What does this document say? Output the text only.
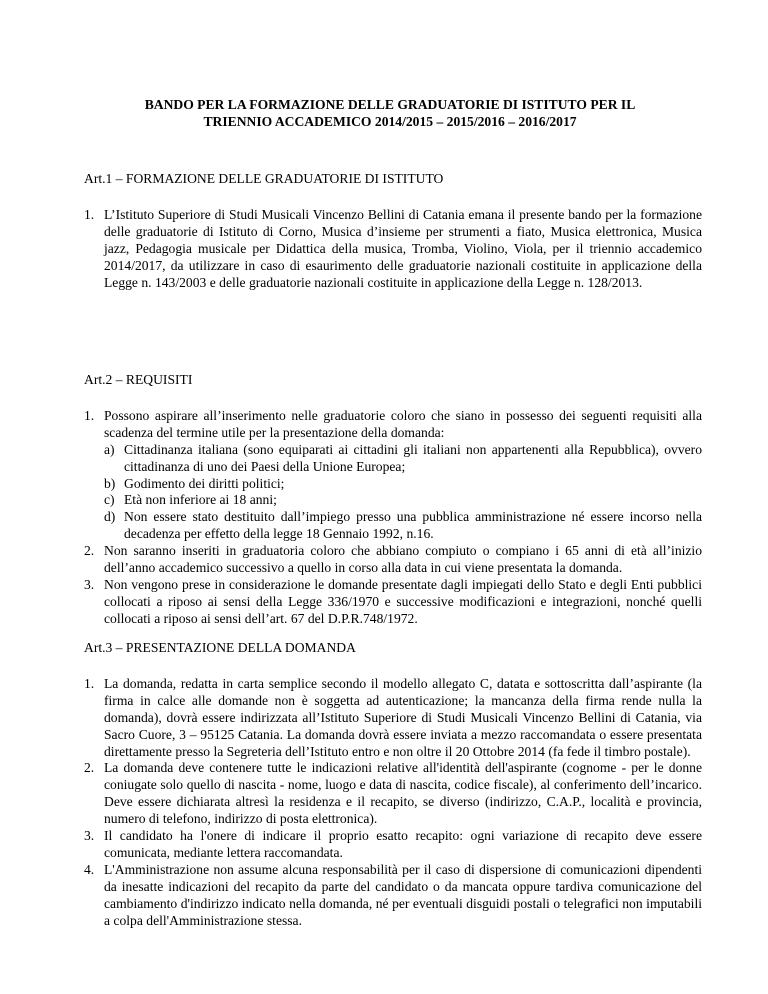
BANDO PER LA FORMAZIONE DELLE GRADUATORIE DI ISTITUTO PER IL
TRIENNIO ACCADEMICO 2014/2015 – 2015/2016 – 2016/2017

Art.1 – FORMAZIONE DELLE GRADUATORIE DI ISTITUTO

1. L’Istituto Superiore di Studi Musicali Vincenzo Bellini di Catania emana il presente bando per la formazione delle graduatorie di Istituto di Corno, Musica d’insieme per strumenti a fiato, Musica elettronica, Musica jazz, Pedagogia musicale per Didattica della musica, Tromba, Violino, Viola, per il triennio accademico 2014/2017, da utilizzare in caso di esaurimento delle graduatorie nazionali costituite in applicazione della Legge n. 143/2003 e delle graduatorie nazionali costituite in applicazione della Legge n. 128/2013.

Art.2 – REQUISITI

1. Possono aspirare all’inserimento nelle graduatorie coloro che siano in possesso dei seguenti requisiti alla scadenza del termine utile per la presentazione della domanda:
a) Cittadinanza italiana (sono equiparati ai cittadini gli italiani non appartenenti alla Repubblica), ovvero cittadinanza di uno dei Paesi della Unione Europea;
b) Godimento dei diritti politici;
c) Età non inferiore ai 18 anni;
d) Non essere stato destituito dall’impiego presso una pubblica amministrazione né essere incorso nella decadenza per effetto della legge 18 Gennaio 1992, n.16.
2. Non saranno inseriti in graduatoria coloro che abbiano compiuto o compiano i 65 anni di età all’inizio dell’anno accademico successivo a quello in corso alla data in cui viene presentata la domanda.
3. Non vengono prese in considerazione le domande presentate dagli impiegati dello Stato e degli Enti pubblici collocati a riposo ai sensi della Legge 336/1970 e successive modificazioni e integrazioni, nonché quelli collocati a riposo ai sensi dell’art. 67 del D.P.R.748/1972.

Art.3 – PRESENTAZIONE DELLA DOMANDA

1. La domanda, redatta in carta semplice secondo il modello allegato C, datata e sottoscritta dall’aspirante (la firma in calce alle domande non è soggetta ad autenticazione; la mancanza della firma rende nulla la domanda), dovrà essere indirizzata all’Istituto Superiore di Studi Musicali Vincenzo Bellini di Catania, via Sacro Cuore, 3 – 95125 Catania. La domanda dovrà essere inviata a mezzo raccomandata o essere presentata direttamente presso la Segreteria dell’Istituto entro e non oltre il 20 Ottobre 2014 (fa fede il timbro postale).
2. La domanda deve contenere tutte le indicazioni relative all'identità dell'aspirante (cognome - per le donne coniugate solo quello di nascita - nome, luogo e data di nascita, codice fiscale), al conferimento dell’incarico. Deve essere dichiarata altresì la residenza e il recapito, se diverso (indirizzo, C.A.P., località e provincia, numero di telefono, indirizzo di posta elettronica).
3. Il candidato ha l'onere di indicare il proprio esatto recapito: ogni variazione di recapito deve essere comunicata, mediante lettera raccomandata.
4. L'Amministrazione non assume alcuna responsabilità per il caso di dispersione di comunicazioni dipendenti da inesatte indicazioni del recapito da parte del candidato o da mancata oppure tardiva comunicazione del cambiamento d'indirizzo indicato nella domanda, né per eventuali disguidi postali o telegrafici non imputabili a colpa dell'Amministrazione stessa.
